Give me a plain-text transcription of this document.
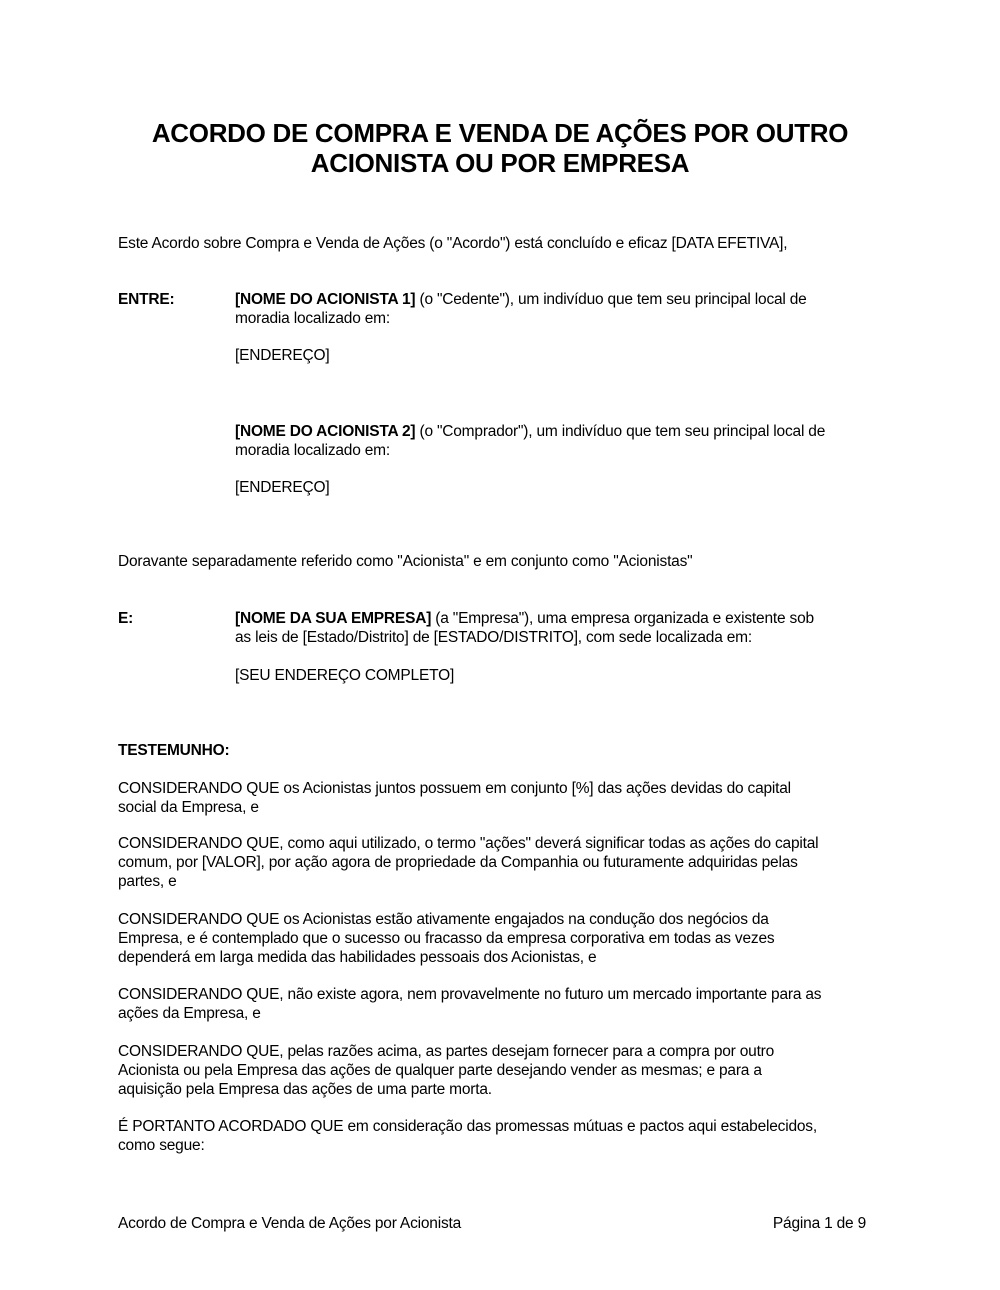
ACORDO DE COMPRA E VENDA DE AÇÕES POR OUTRO
ACIONISTA OU POR EMPRESA
Este Acordo sobre Compra e Venda de Ações (o "Acordo") está concluído e eficaz [DATA EFETIVA],
ENTRE:	[NOME DO ACIONISTA 1] (o "Cedente"), um indivíduo que tem seu principal local de
moradia localizado em:
[ENDEREÇO]
[NOME DO ACIONISTA 2] (o "Comprador"), um indivíduo que tem seu principal local de
moradia localizado em:
[ENDEREÇO]
Doravante separadamente referido como "Acionista" e em conjunto como "Acionistas"
E:	[NOME DA SUA EMPRESA] (a "Empresa"), uma empresa organizada e existente sob
as leis de [Estado/Distrito] de [ESTADO/DISTRITO], com sede localizada em:
[SEU ENDEREÇO COMPLETO]
TESTEMUNHO:
CONSIDERANDO QUE os Acionistas juntos possuem em conjunto [%] das ações devidas do capital
social da Empresa, e
CONSIDERANDO QUE, como aqui utilizado, o termo "ações" deverá significar todas as ações do capital
comum, por [VALOR], por ação agora de propriedade da Companhia ou futuramente adquiridas pelas
partes, e
CONSIDERANDO QUE os Acionistas estão ativamente engajados na condução dos negócios da
Empresa, e é contemplado que o sucesso ou fracasso da empresa corporativa em todas as vezes
dependerá em larga medida das habilidades pessoais dos Acionistas, e
CONSIDERANDO QUE, não existe agora, nem provavelmente no futuro um mercado importante para as
ações da Empresa, e
CONSIDERANDO QUE, pelas razões acima, as partes desejam fornecer para a compra por outro
Acionista ou pela Empresa das ações de qualquer parte desejando vender as mesmas; e para a
aquisição pela Empresa das ações de uma parte morta.
É PORTANTO ACORDADO QUE em consideração das promessas mútuas e pactos aqui estabelecidos,
como segue:
Acordo de Compra e Venda de Ações por Acionista	Página 1 de 9
